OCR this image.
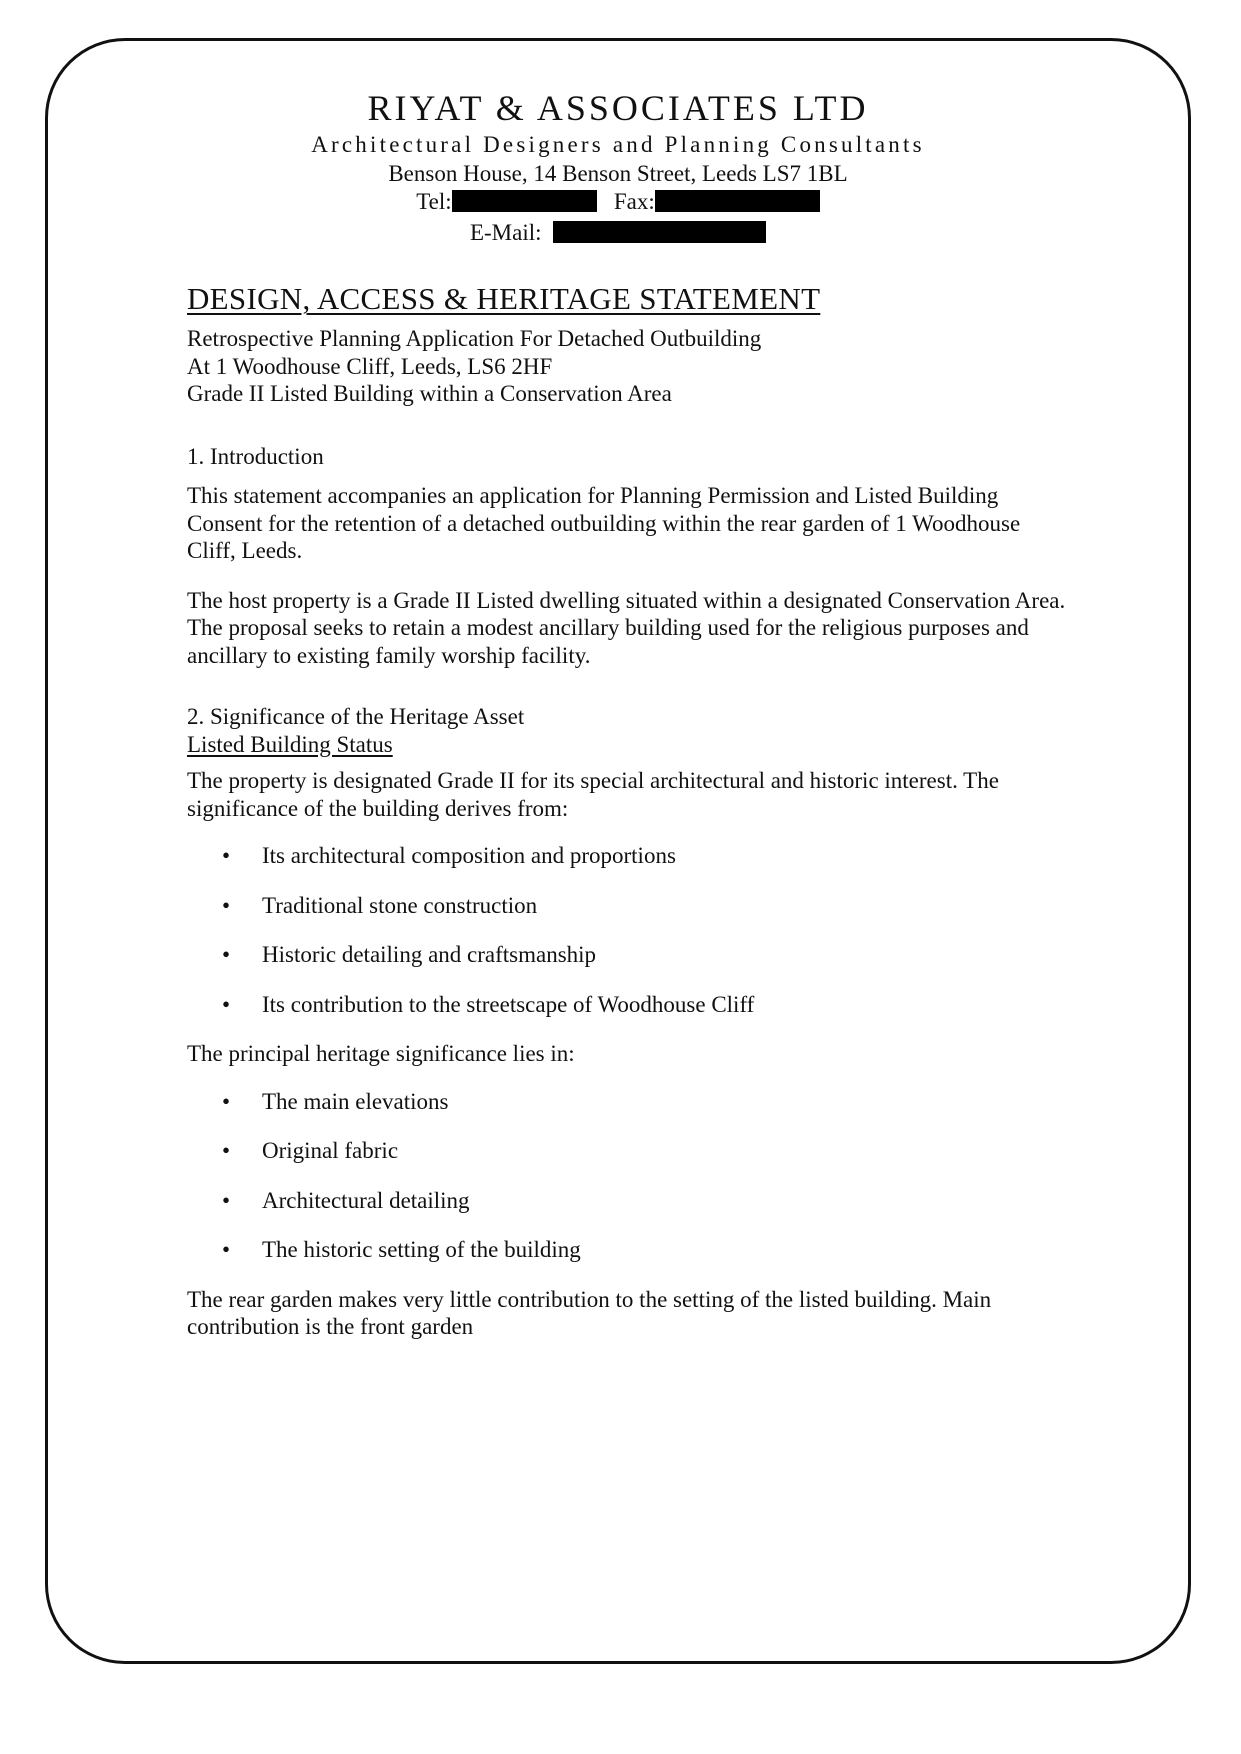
RIYAT & ASSOCIATES LTD

Architectural Designers and Planning Consultants

Benson House, 14 Benson Street, Leeds LS7 1BL

Tel:	Fax:

E-Mail:

DESIGN, ACCESS & HERITAGE STATEMENT

Retrospective Planning Application For Detached Outbuilding

At 1 Woodhouse Cliff, Leeds, LS6 2HF

Grade II Listed Building within a Conservation Area

1. Introduction

This statement accompanies an application for Planning Permission and Listed Building Consent for the retention of a detached outbuilding within the rear garden of 1 Woodhouse Cliff, Leeds.

The host property is a Grade II Listed dwelling situated within a designated Conservation Area. The proposal seeks to retain a modest ancillary building used for the religious purposes and ancillary to existing family worship facility.

2. Significance of the Heritage Asset

Listed Building Status

The property is designated Grade II for its special architectural and historic interest. The significance of the building derives from:

• Its architectural composition and proportions
• Traditional stone construction
• Historic detailing and craftsmanship
• Its contribution to the streetscape of Woodhouse Cliff

The principal heritage significance lies in:

• The main elevations
• Original fabric
• Architectural detailing
• The historic setting of the building

The rear garden makes very little contribution to the setting of the listed building. Main contribution is the front garden
